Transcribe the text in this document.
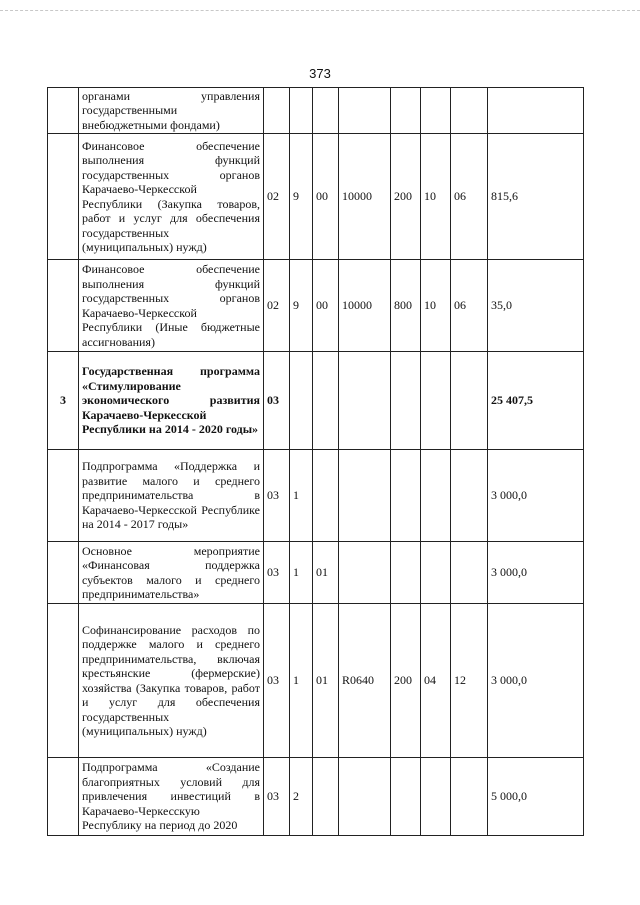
373
	органами управления государственными внебюджетными фондами)								
	Финансовое обеспечение выполнения функций государственных органов Карачаево-Черкесской Республики (Закупка товаров, работ и услуг для обеспечения государственных (муниципальных) нужд)	02	9	00	10000	200	10	06	815,6
	Финансовое обеспечение выполнения функций государственных органов Карачаево-Черкесской Республики (Иные бюджетные ассигнования)	02	9	00	10000	800	10	06	35,0
3	Государственная программа «Стимулирование экономического развития Карачаево-Черкесской Республики на 2014 - 2020 годы»	03							25 407,5
	Подпрограмма «Поддержка и развитие малого и среднего предпринимательства в Карачаево-Черкесской Республике на 2014 - 2017 годы»	03	1						3 000,0
	Основное мероприятие «Финансовая поддержка субъектов малого и среднего предпринимательства»	03	1	01					3 000,0
	Софинансирование расходов по поддержке малого и среднего предпринимательства, включая крестьянские (фермерские) хозяйства (Закупка товаров, работ и услуг для обеспечения государственных (муниципальных) нужд)	03	1	01	R0640	200	04	12	3 000,0
	Подпрограмма «Создание благоприятных условий для привлечения инвестиций в Карачаево-Черкесскую Республику на период до 2020	03	2						5 000,0
